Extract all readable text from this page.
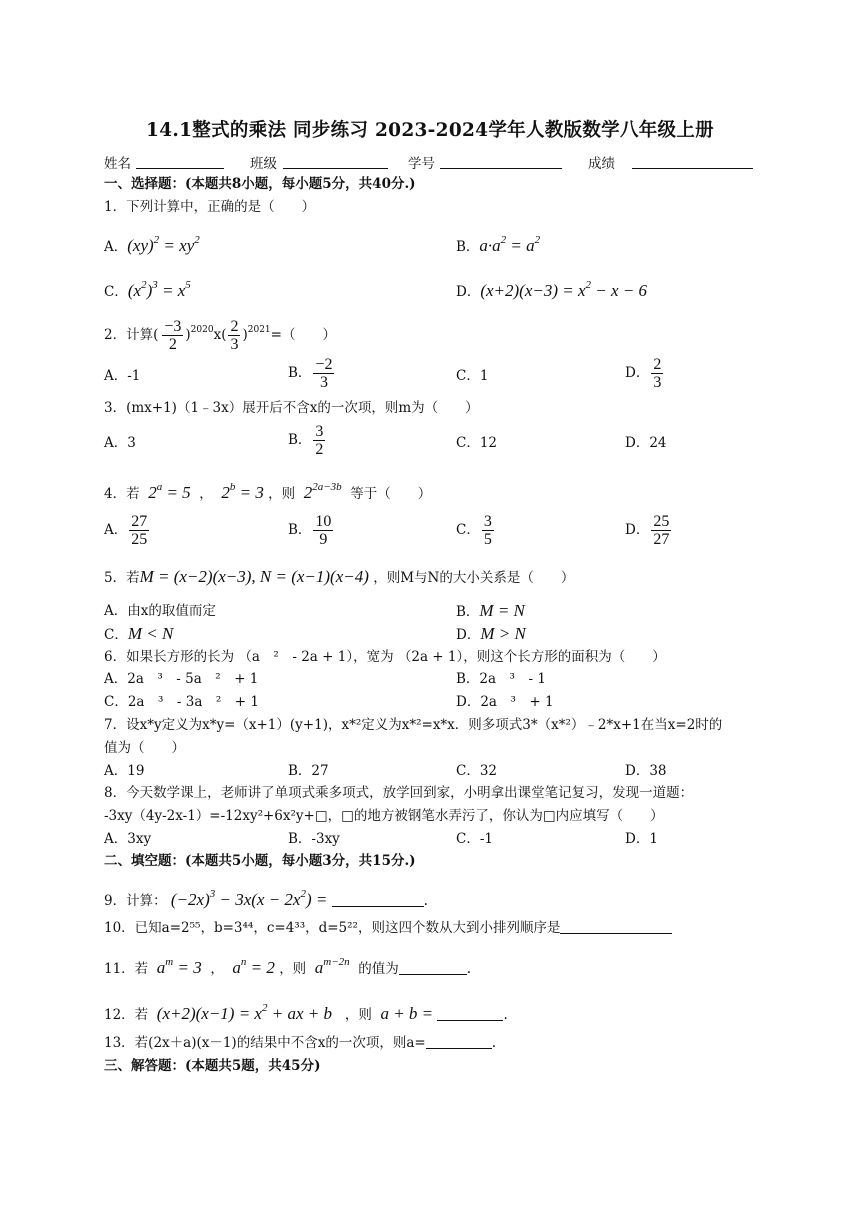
14.1整式的乘法 同步练习 2023-2024学年人教版数学八年级上册
姓名	班级	学号	成绩
一、选择题：(本题共8小题，每小题5分，共40分.)
1．下列计算中，正确的是（　　）
A．$(xy)^2 = xy^2$	B．$a\cdot a^2 = a^2$
C．$(x^2)^3 = x^5$	D．$(x+2)(x-3) = x^2 - x - 6$
2．计算( $\frac{-3}{2} )^{2020}x( \frac{2}{3} )^{2021}=$（　　）
A．-1	B． $\frac{-2}{3}$	C．1	D． $\frac{2}{3}$
3．(mx+1)（1﹣3x）展开后不含x的一次项，则m为（　　）
A．3	B． $\frac{3}{2}$	C．12	D．24
4．若 $2^a = 5$ ， $2^b = 3$ ，则 $2^{2a-3b}$ 等于（　　）
A． $\frac{27}{25}$	B． $\frac{10}{9}$	C． $\frac{3}{5}$	D． $\frac{25}{27}$
5．若M = (x−2)(x−3), N = (x−1)(x−4) ，则M与N的大小关系是（　　）
A．由x的取值而定	B．M = N
C．M < N	D．M > N
6．如果长方形的长为 （a　²　- 2a + 1），宽为 （2a + 1），则这个长方形的面积为（　　）
A．2a　³　- 5a　²　+ 1	B．2a　³　- 1
C．2a　³　- 3a　²　+ 1	D．2a　³　+ 1
7．设x*y定义为x*y=（x+1）(y+1)，x*²定义为x*²=x*x．则多项式3*（x*²）﹣2*x+1在当x=2时的
值为（　　）
A．19	B．27	C．32	D．38
8．今天数学课上，老师讲了单项式乘多项式，放学回到家，小明拿出课堂笔记复习，发现一道题：
-3xy（4y-2x-1）=-12xy²+6x²y+□，□的地方被钢笔水弄污了，你认为□内应填写（　　）
A．3xy	B．-3xy	C．-1	D．1
二、填空题：(本题共5小题，每小题3分，共15分.)
9．计算： $(-2x)^3 - 3x(x - 2x^2)$ =	.
10．已知a=2⁵⁵，b=3⁴⁴，c=4³³，d=5²²，则这四个数从大到小排列顺序是
11．若 $a^m = 3$ ， $a^n = 2$ ，则 $a^{m-2n}$ 的值为	.
12．若 $(x+2)(x-1) = x^2$ + ax + b ，则 a + b =	.
13．若(2x＋a)(x－1)的结果中不含x的一次项，则a=	.
三、解答题：(本题共5题，共45分)
